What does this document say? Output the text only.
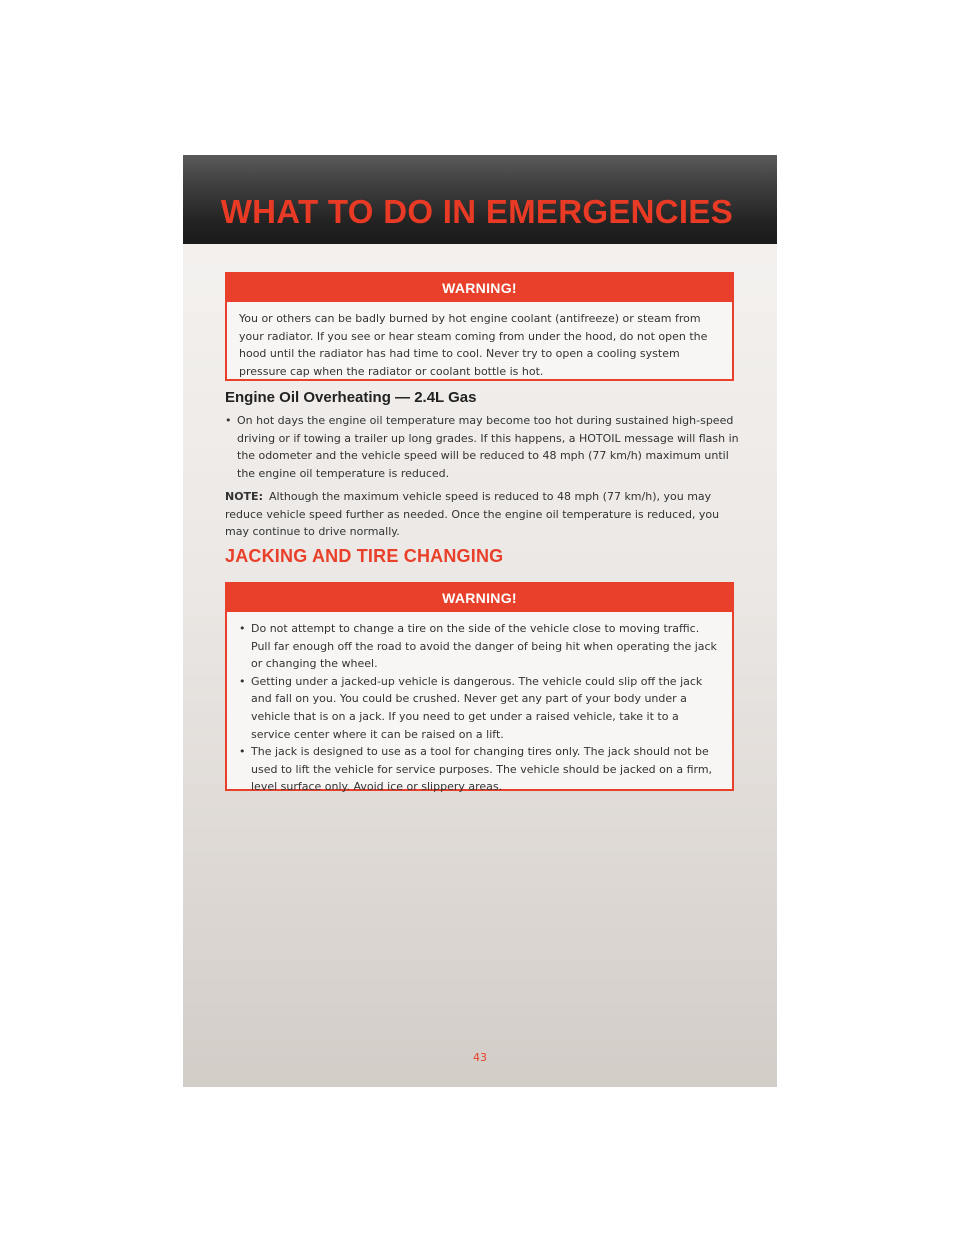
WHAT TO DO IN EMERGENCIES
WARNING!
You or others can be badly burned by hot engine coolant (antifreeze) or steam from your radiator. If you see or hear steam coming from under the hood, do not open the hood until the radiator has had time to cool. Never try to open a cooling system pressure cap when the radiator or coolant bottle is hot.
Engine Oil Overheating — 2.4L Gas
• On hot days the engine oil temperature may become too hot during sustained high-speed driving or if towing a trailer up long grades. If this happens, a HOTOIL message will flash in the odometer and the vehicle speed will be reduced to 48 mph (77 km/h) maximum until the engine oil temperature is reduced.

NOTE: Although the maximum vehicle speed is reduced to 48 mph (77 km/h), you may reduce vehicle speed further as needed. Once the engine oil temperature is reduced, you may continue to drive normally.

JACKING AND TIRE CHANGING
WARNING!
• Do not attempt to change a tire on the side of the vehicle close to moving traffic. Pull far enough off the road to avoid the danger of being hit when operating the jack or changing the wheel.
• Getting under a jacked-up vehicle is dangerous. The vehicle could slip off the jack and fall on you. You could be crushed. Never get any part of your body under a vehicle that is on a jack. If you need to get under a raised vehicle, take it to a service center where it can be raised on a lift.
• The jack is designed to use as a tool for changing tires only. The jack should not be used to lift the vehicle for service purposes. The vehicle should be jacked on a firm, level surface only. Avoid ice or slippery areas.
43
